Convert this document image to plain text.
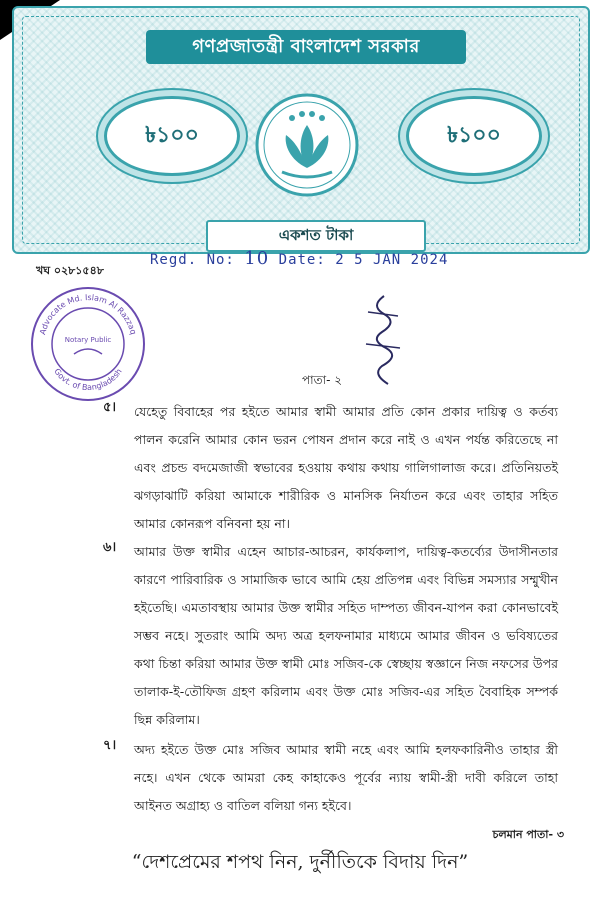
গণপ্রজাতন্ত্রী বাংলাদেশ সরকার
৳১০০	৳১০০
একশত টাকা
খঘ ০২৮১৫৪৮
Regd. No: 10 Date: 2 5 JAN 2024
Advocate Md. Islam Al Razzaq
Govt. of Bangladesh
Notary Public
পাতা- ২
৫। যেহেতু বিবাহের পর হইতে আমার স্বামী আমার প্রতি কোন প্রকার দায়িত্ব ও কর্তব্য পালন করেনি আমার কোন ভরন পোষন প্রদান করে নাই ও এখন পর্যন্ত করিতেছে না এবং প্রচন্ড বদমেজাজী স্বভাবের হওয়ায় কথায় কথায় গালিগালাজ করে। প্রতিনিয়তই ঝগড়াঝাটি করিয়া আমাকে শারীরিক ও মানসিক নির্যাতন করে এবং তাহার সহিত আমার কোনরূপ বনিবনা হয় না।
৬। আমার উক্ত স্বামীর এহেন আচার-আচরন, কার্যকলাপ, দায়িত্ব-কতর্ব্যের উদাসীনতার কারণে পারিবারিক ও সামাজিক ভাবে আমি হেয় প্রতিপন্ন এবং বিভিন্ন সমস্যার সম্মুখীন হইতেছি। এমতাবস্থায় আমার উক্ত স্বামীর সহিত দাম্পত্য জীবন-যাপন করা কোনভাবেই সম্ভব নহে। সুতরাং আমি অদ্য অত্র হলফনামার মাধ্যমে আমার জীবন ও ভবিষ্যতের কথা চিন্তা করিয়া আমার উক্ত স্বামী মোঃ সজিব-কে স্বেচ্ছায় স্বজ্ঞানে নিজ নফসের উপর তালাক-ই-তৌফিজ গ্রহণ করিলাম এবং উক্ত মোঃ সজিব-এর সহিত বৈবাহিক সম্পর্ক ছিন্ন করিলাম।
৭। অদ্য হইতে উক্ত মোঃ সজিব আমার স্বামী নহে এবং আমি হলফকারিনীও তাহার স্ত্রী নহে। এখন থেকে আমরা কেহ কাহাকেও পূর্বের ন্যায় স্বামী-স্ত্রী দাবী করিলে তাহা আইনত অগ্রাহ্য ও বাতিল বলিয়া গন্য হইবে।
চলমান পাতা- ৩
“দেশপ্রেমের শপথ নিন, দুর্নীতিকে বিদায় দিন”
